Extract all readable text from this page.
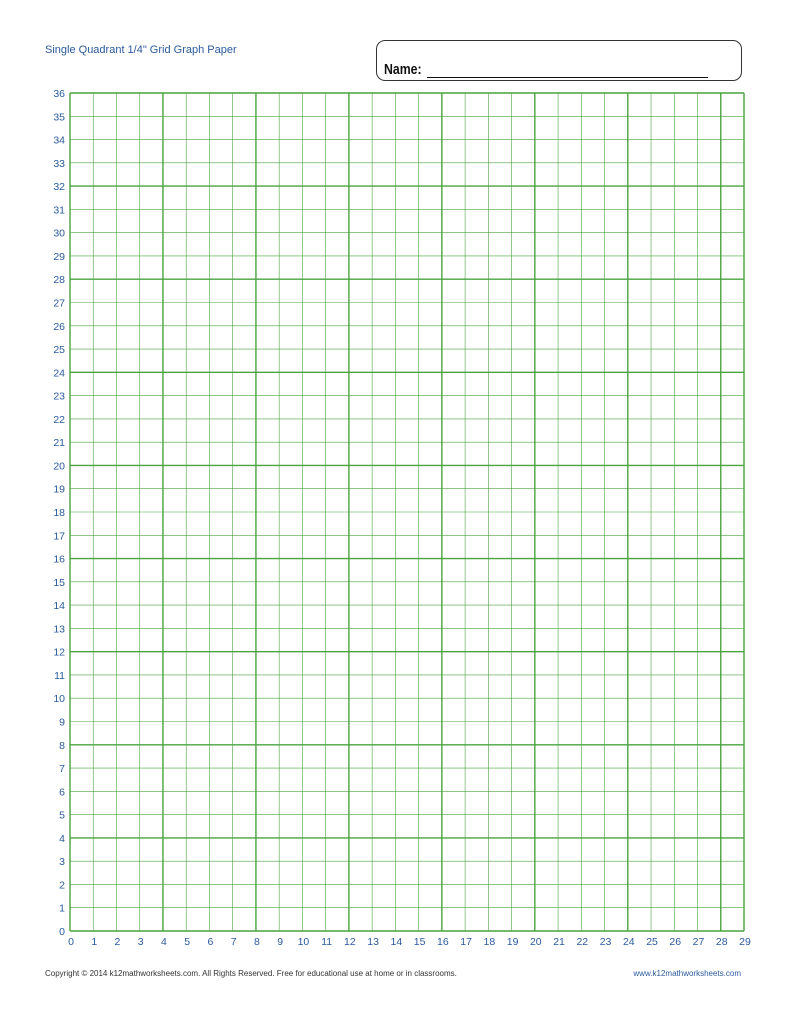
Single Quadrant 1/4" Grid Graph Paper
Name:
0 1 2 3 4 5 6 7 8 9 10 11 12 13 14 15 16 17 18 19 20 21 22 23 24 25 26 27 28 29
0
1
2
3
4
5
6
7
8
9
10
11
12
13
14
15
16
17
18
19
20
21
22
23
24
25
26
27
28
29
30
31
32
33
34
35
36
Copyright © 2014 k12mathworksheets.com. All Rights Reserved. Free for educational use at home or in classrooms.	www.k12mathworksheets.com
